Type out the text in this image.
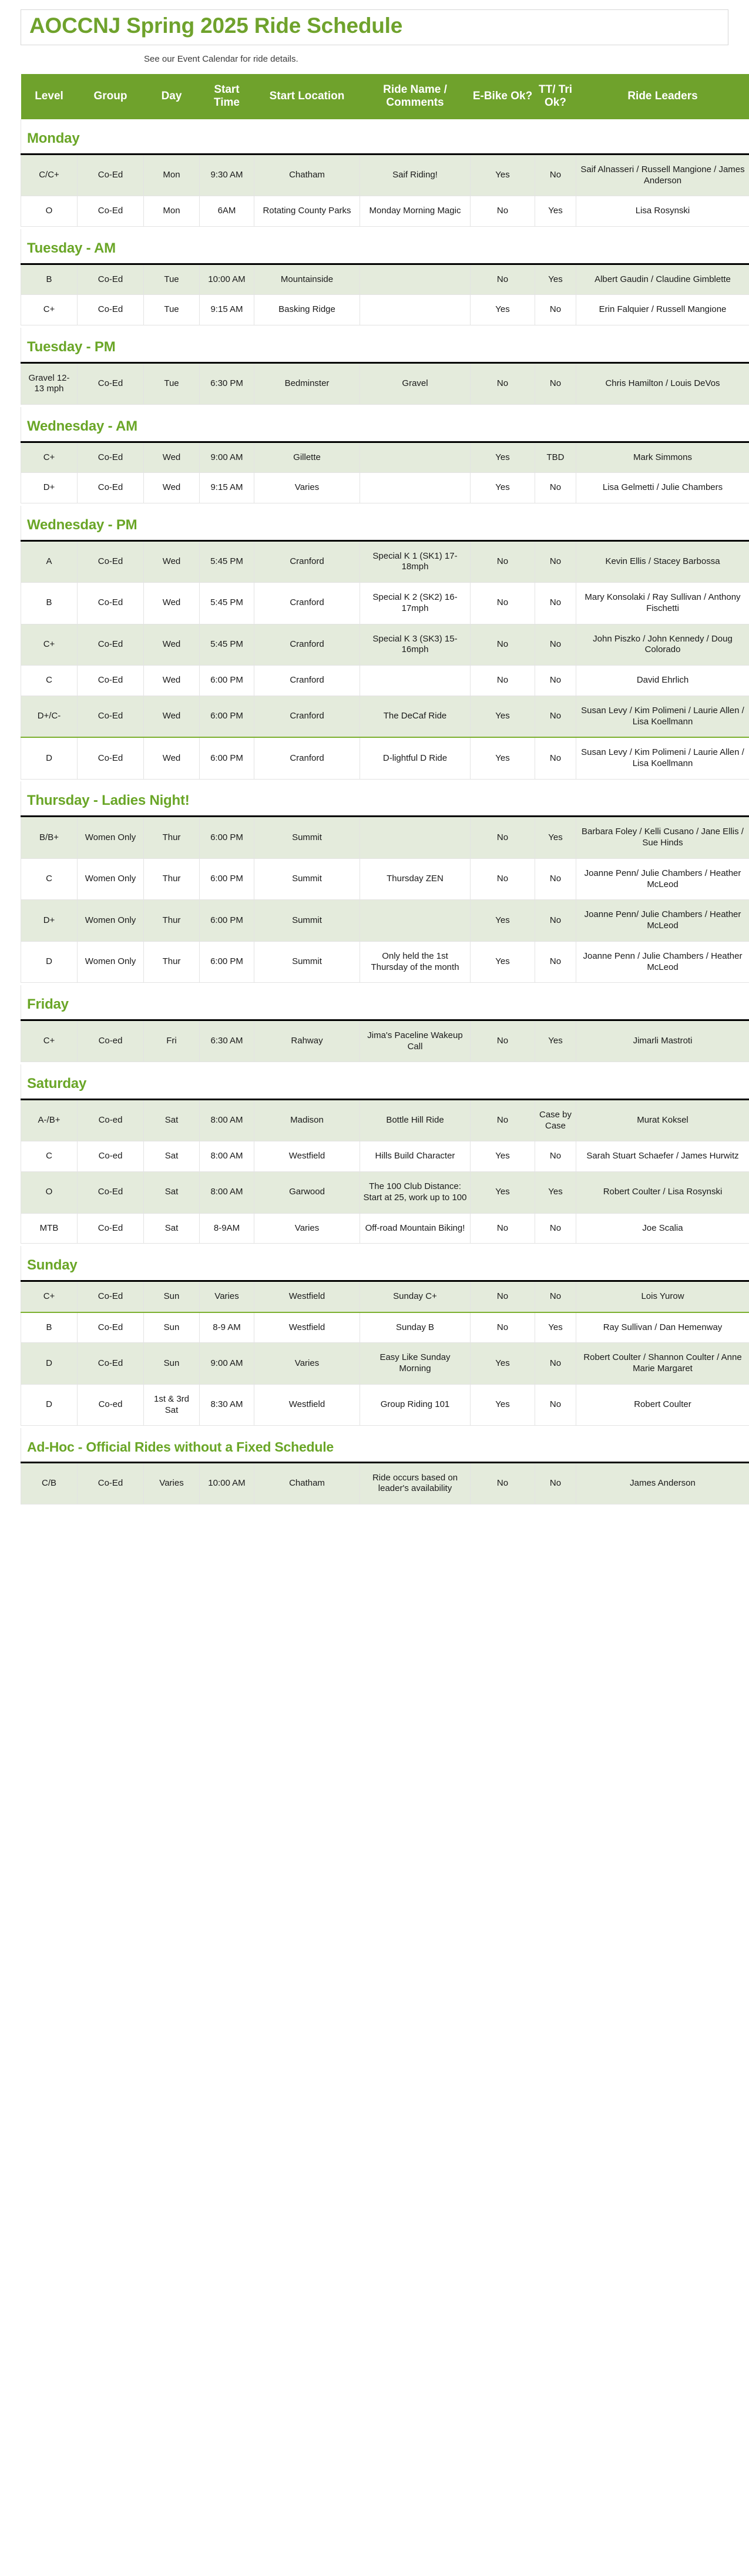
AOCCNJ Spring 2025 Ride Schedule
See our Event Calendar for ride details.
Level	Group	Day	Start Time	Start Location	Ride Name / Comments	E-Bike Ok?	TT/ Tri Ok?	Ride Leaders
Monday								
C/C+	Co-Ed	Mon	9:30 AM	Chatham	Saif Riding!	Yes	No	Saif Alnasseri / Russell Mangione / James Anderson
O	Co-Ed	Mon	6AM	Rotating County Parks	Monday Morning Magic	No	Yes	Lisa Rosynski

Tuesday - AM								
B	Co-Ed	Tue	10:00 AM	Mountainside		No	Yes	Albert Gaudin / Claudine Gimblette
C+	Co-Ed	Tue	9:15 AM	Basking Ridge		Yes	No	Erin Falquier / Russell Mangione

Tuesday - PM								
Gravel 12-13 mph	Co-Ed	Tue	6:30 PM	Bedminster	Gravel	No	No	Chris Hamilton / Louis DeVos

Wednesday - AM								
C+	Co-Ed	Wed	9:00 AM	Gillette		Yes	TBD	Mark Simmons
D+	Co-Ed	Wed	9:15 AM	Varies		Yes	No	Lisa Gelmetti / Julie Chambers

Wednesday - PM								
A	Co-Ed	Wed	5:45 PM	Cranford	Special K 1 (SK1) 17-18mph	No	No	Kevin Ellis / Stacey Barbossa
B	Co-Ed	Wed	5:45 PM	Cranford	Special K 2 (SK2) 16-17mph	No	No	Mary Konsolaki / Ray Sullivan / Anthony Fischetti
C+	Co-Ed	Wed	5:45 PM	Cranford	Special K 3 (SK3) 15-16mph	No	No	John Piszko / John Kennedy / Doug Colorado
C	Co-Ed	Wed	6:00 PM	Cranford		No	No	David Ehrlich
D+/C-	Co-Ed	Wed	6:00 PM	Cranford	The DeCaf Ride	Yes	No	Susan Levy / Kim Polimeni / Laurie Allen / Lisa Koellmann
D	Co-Ed	Wed	6:00 PM	Cranford	D-lightful D Ride	Yes	No	Susan Levy / Kim Polimeni / Laurie Allen / Lisa Koellmann

Thursday - Ladies Night!								
B/B+	Women Only	Thur	6:00 PM	Summit		No	Yes	Barbara Foley / Kelli Cusano / Jane Ellis / Sue Hinds
C	Women Only	Thur	6:00 PM	Summit	Thursday ZEN	No	No	Joanne Penn/ Julie Chambers / Heather McLeod
D+	Women Only	Thur	6:00 PM	Summit		Yes	No	Joanne Penn/ Julie Chambers / Heather McLeod
D	Women Only	Thur	6:00 PM	Summit	Only held the 1st Thursday of the month	Yes	No	Joanne Penn / Julie Chambers / Heather McLeod

Friday								
C+	Co-ed	Fri	6:30 AM	Rahway	Jima's Paceline Wakeup Call	No	Yes	Jimarli Mastroti

Saturday								
A-/B+	Co-ed	Sat	8:00 AM	Madison	Bottle Hill Ride	No	Case by Case	Murat Koksel
C	Co-ed	Sat	8:00 AM	Westfield	Hills Build Character	Yes	No	Sarah Stuart Schaefer / James Hurwitz
O	Co-Ed	Sat	8:00 AM	Garwood	The 100 Club Distance: Start at 25, work up to 100	Yes	Yes	Robert Coulter / Lisa Rosynski
MTB	Co-Ed	Sat	8-9AM	Varies	Off-road Mountain Biking!	No	No	Joe Scalia

Sunday								
C+	Co-Ed	Sun	Varies	Westfield	Sunday C+	No	No	Lois Yurow
B	Co-Ed	Sun	8-9 AM	Westfield	Sunday B	No	Yes	Ray Sullivan / Dan Hemenway
D	Co-Ed	Sun	9:00 AM	Varies	Easy Like Sunday Morning	Yes	No	Robert Coulter / Shannon Coulter / Anne Marie Margaret
D	Co-ed	1st & 3rd Sat	8:30 AM	Westfield	Group Riding 101	Yes	No	Robert Coulter

Ad-Hoc - Official Rides without a Fixed Schedule								
C/B	Co-Ed	Varies	10:00 AM	Chatham	Ride occurs based on leader's availability	No	No	James Anderson
